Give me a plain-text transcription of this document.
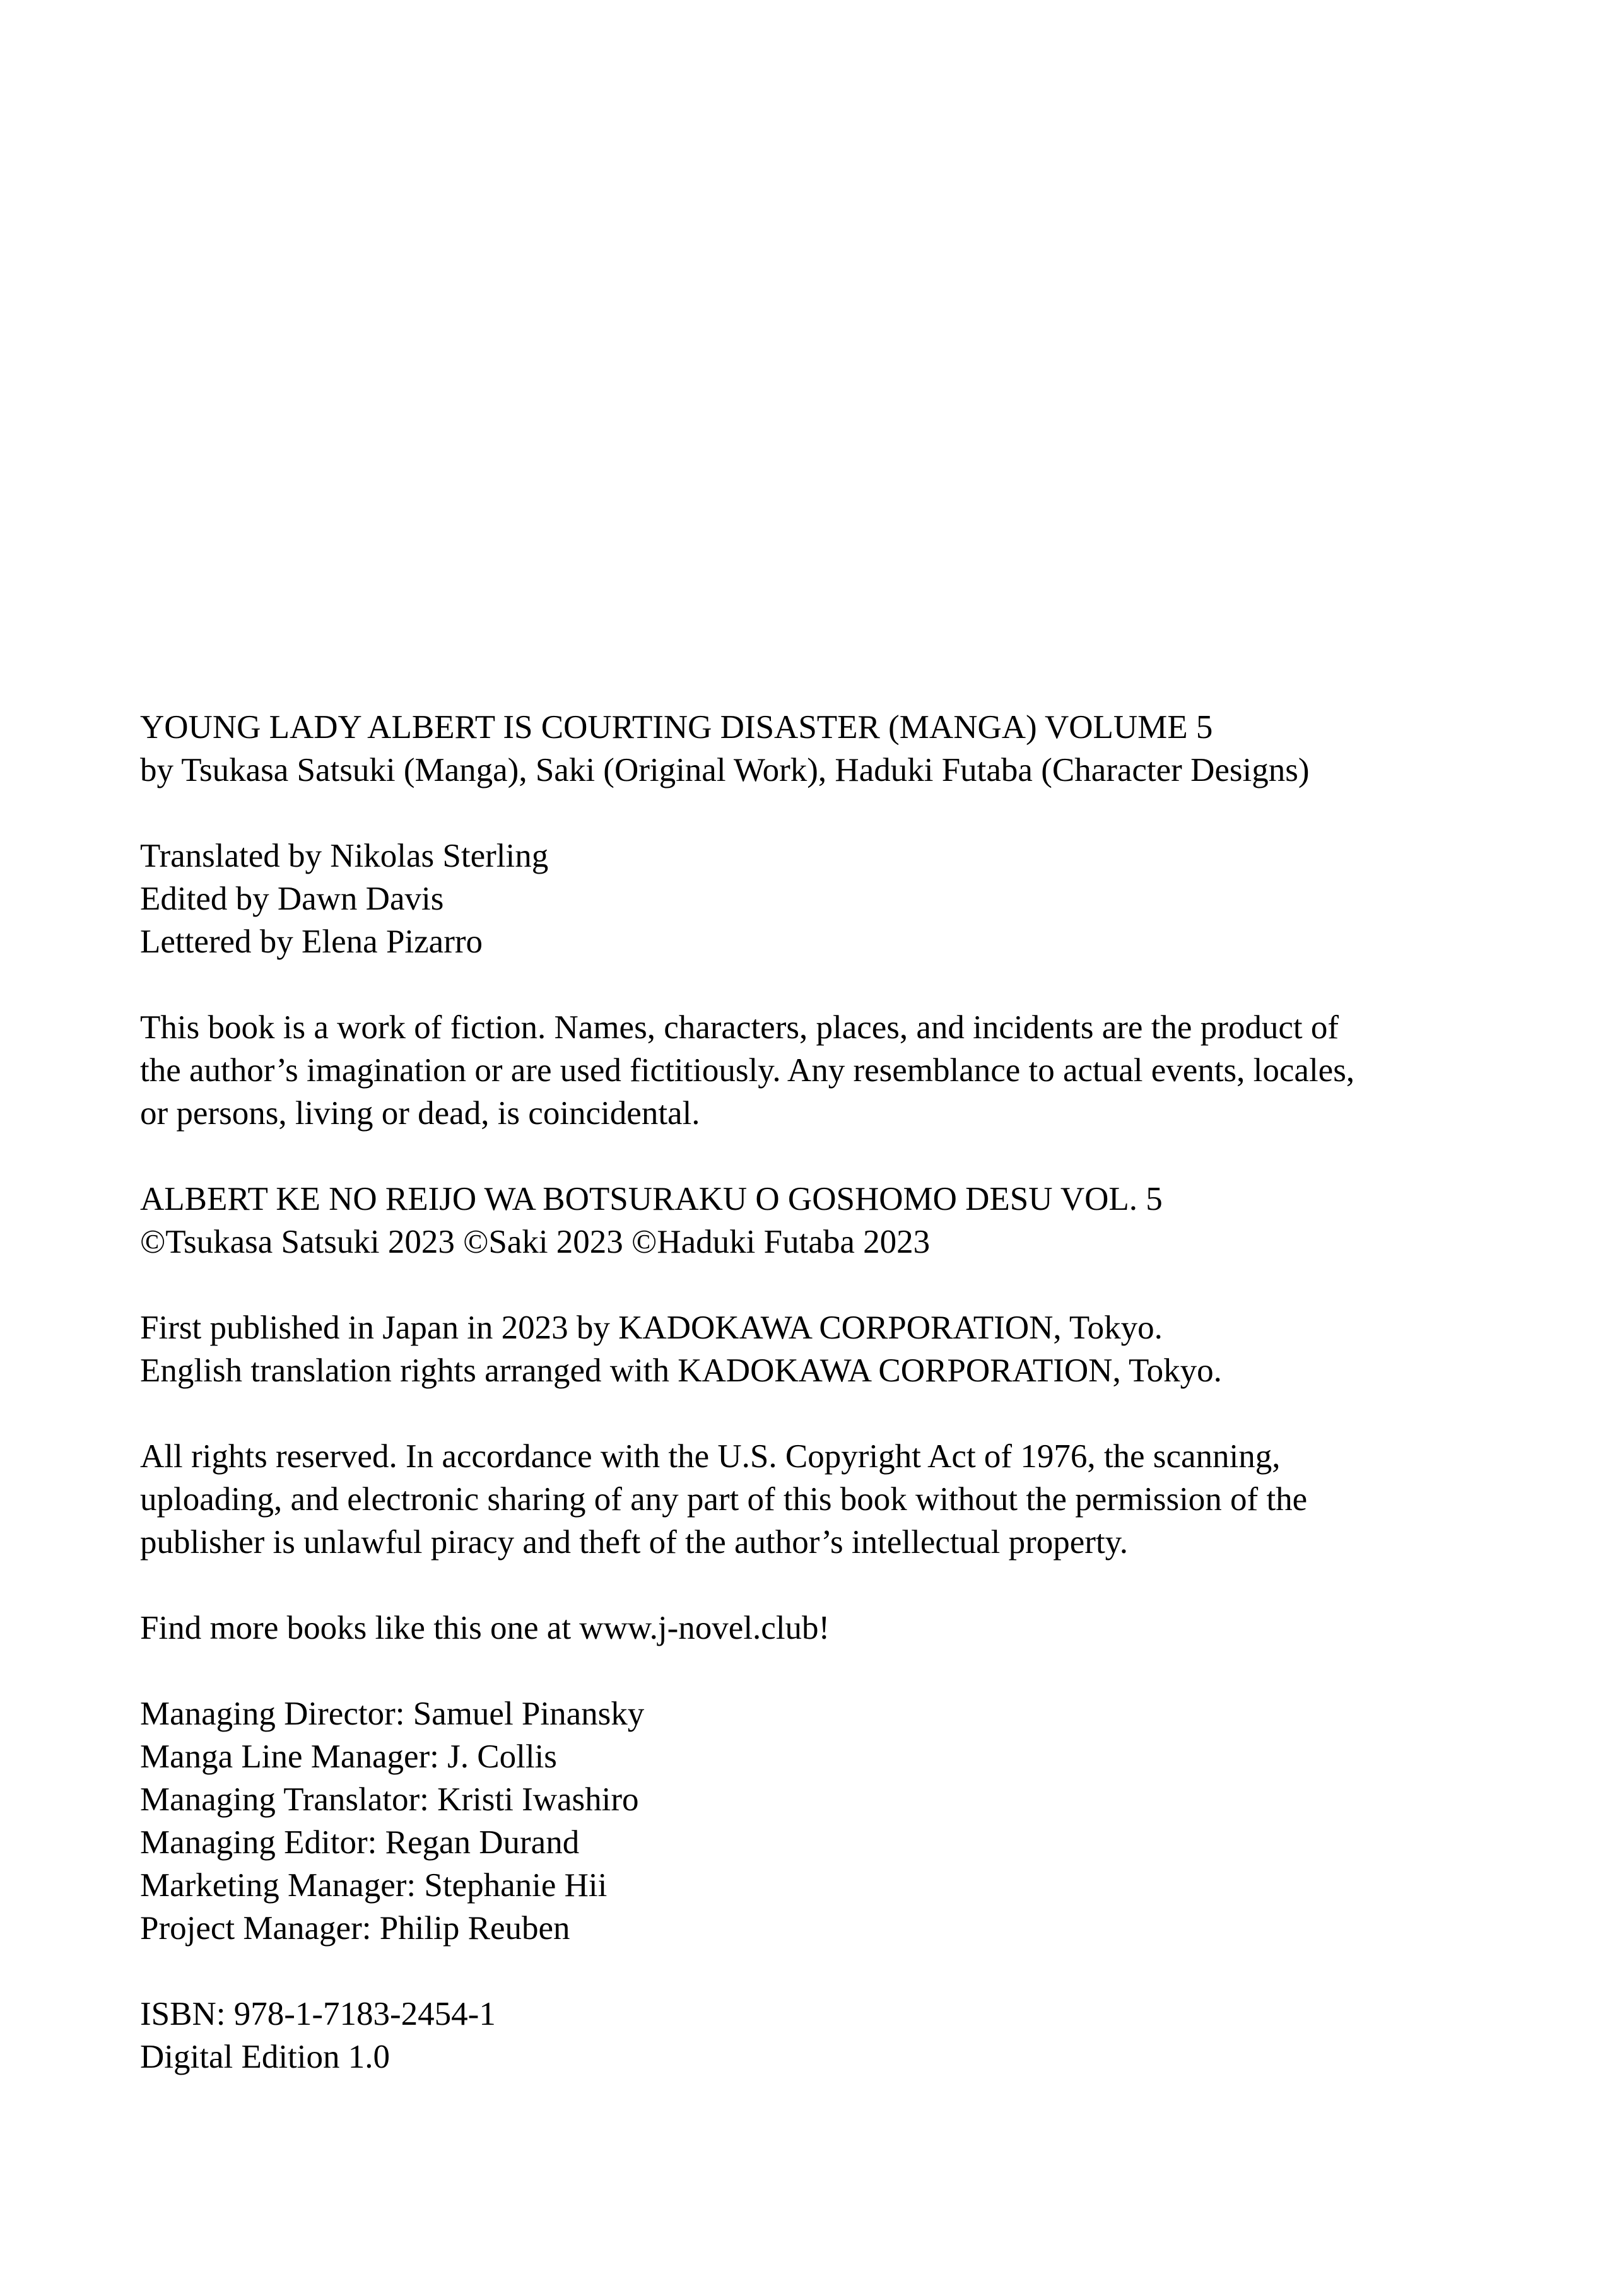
YOUNG LADY ALBERT IS COURTING DISASTER (MANGA) VOLUME 5
by Tsukasa Satsuki (Manga), Saki (Original Work), Haduki Futaba (Character Designs)
Translated by Nikolas Sterling
Edited by Dawn Davis
Lettered by Elena Pizarro
This book is a work of fiction. Names, characters, places, and incidents are the product of
the author’s imagination or are used fictitiously. Any resemblance to actual events, locales,
or persons, living or dead, is coincidental.
ALBERT KE NO REIJO WA BOTSURAKU O GOSHOMO DESU VOL. 5
©Tsukasa Satsuki 2023 ©Saki 2023 ©Haduki Futaba 2023
First published in Japan in 2023 by KADOKAWA CORPORATION, Tokyo.
English translation rights arranged with KADOKAWA CORPORATION, Tokyo.
All rights reserved. In accordance with the U.S. Copyright Act of 1976, the scanning,
uploading, and electronic sharing of any part of this book without the permission of the
publisher is unlawful piracy and theft of the author’s intellectual property.
Find more books like this one at www.j-novel.club!
Managing Director: Samuel Pinansky
Manga Line Manager: J. Collis
Managing Translator: Kristi Iwashiro
Managing Editor: Regan Durand
Marketing Manager: Stephanie Hii
Project Manager: Philip Reuben
ISBN: 978-1-7183-2454-1
Digital Edition 1.0
